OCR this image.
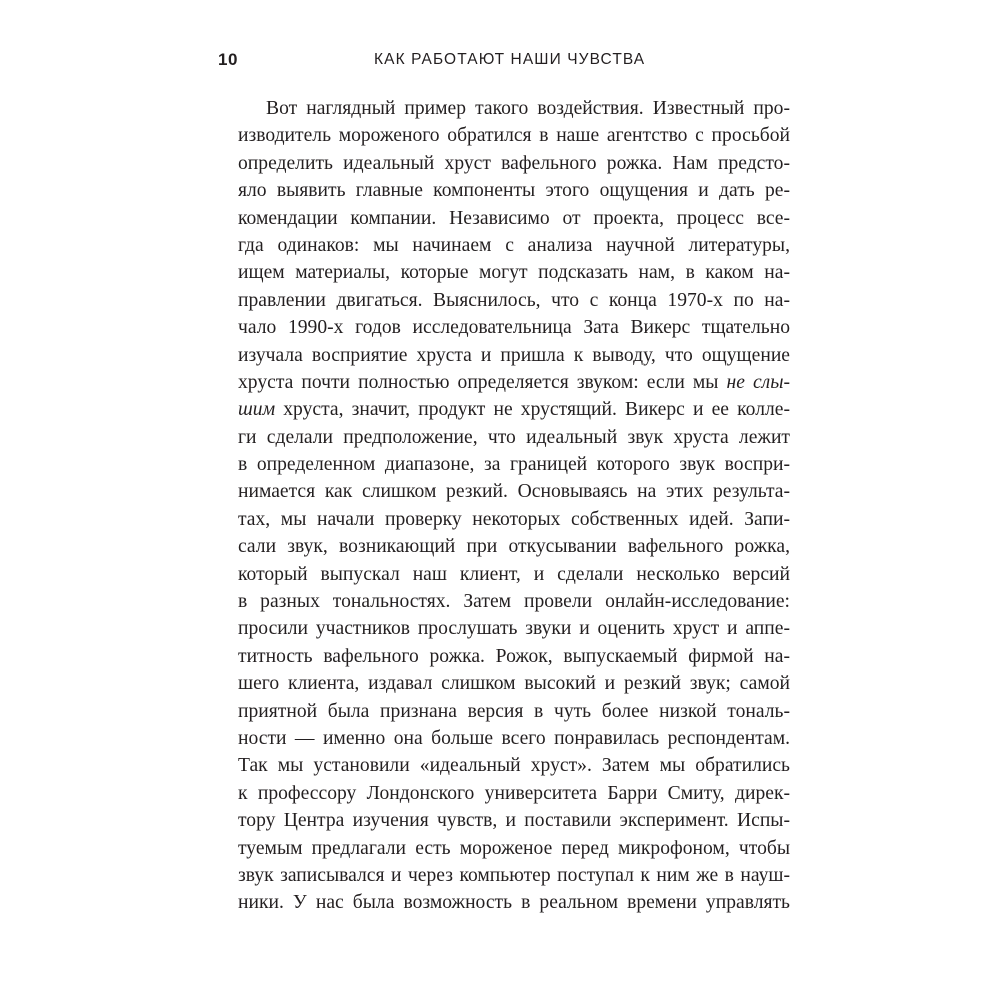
10	КАК РАБОТАЮТ НАШИ ЧУВСТВА
Вот наглядный пример такого воздействия. Известный про-
изводитель мороженого обратился в наше агентство с просьбой
определить идеальный хруст вафельного рожка. Нам предсто-
яло выявить главные компоненты этого ощущения и дать ре-
комендации компании. Независимо от проекта, процесс все-
гда одинаков: мы начинаем с анализа научной литературы,
ищем материалы, которые могут подсказать нам, в каком на-
правлении двигаться. Выяснилось, что с конца 1970-х по на-
чало 1990-х годов исследовательница Зата Викерс тщательно
изучала восприятие хруста и пришла к выводу, что ощущение
хруста почти полностью определяется звуком: если мы не слы-
шим хруста, значит, продукт не хрустящий. Викерс и ее колле-
ги сделали предположение, что идеальный звук хруста лежит
в определенном диапазоне, за границей которого звук воспри-
нимается как слишком резкий. Основываясь на этих результа-
тах, мы начали проверку некоторых собственных идей. Запи-
сали звук, возникающий при откусывании вафельного рожка,
который выпускал наш клиент, и сделали несколько версий
в разных тональностях. Затем провели онлайн-исследование:
просили участников прослушать звуки и оценить хруст и аппе-
титность вафельного рожка. Рожок, выпускаемый фирмой на-
шего клиента, издавал слишком высокий и резкий звук; самой
приятной была признана версия в чуть более низкой тональ-
ности — именно она больше всего понравилась респондентам.
Так мы установили «идеальный хруст». Затем мы обратились
к профессору Лондонского университета Барри Смиту, дирек-
тору Центра изучения чувств, и поставили эксперимент. Испы-
туемым предлагали есть мороженое перед микрофоном, чтобы
звук записывался и через компьютер поступал к ним же в науш-
ники. У нас была возможность в реальном времени управлять
